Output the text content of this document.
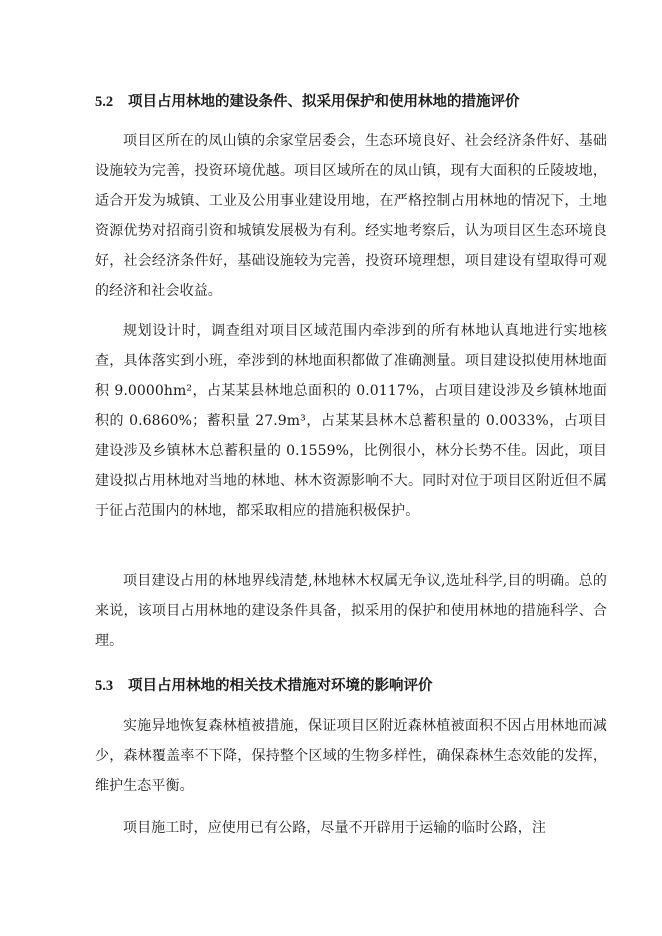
5.2 项目占用林地的建设条件、拟采用保护和使用林地的措施评价

项目区所在的凤山镇的余家堂居委会，生态环境良好、社会经济条件好、基础设施较为完善，投资环境优越。项目区域所在的凤山镇，现有大面积的丘陵坡地，适合开发为城镇、工业及公用事业建设用地，在严格控制占用林地的情况下，土地资源优势对招商引资和城镇发展极为有利。经实地考察后，认为项目区生态环境良好，社会经济条件好，基础设施较为完善，投资环境理想，项目建设有望取得可观的经济和社会收益。

规划设计时，调查组对项目区域范围内牵涉到的所有林地认真地进行实地核查，具体落实到小班，牵涉到的林地面积都做了准确测量。项目建设拟使用林地面积 9.0000hm²，占某某县林地总面积的 0.0117%，占项目建设涉及乡镇林地面积的 0.6860%；蓄积量 27.9m³，占某某县林木总蓄积量的 0.0033%，占项目建设涉及乡镇林木总蓄积量的 0.1559%，比例很小，林分长势不佳。因此，项目建设拟占用林地对当地的林地、林木资源影响不大。同时对位于项目区附近但不属于征占范围内的林地，都采取相应的措施积极保护。

项目建设占用的林地界线清楚,林地林木权属无争议,选址科学,目的明确。总的来说，该项目占用林地的建设条件具备，拟采用的保护和使用林地的措施科学、合理。

5.3 项目占用林地的相关技术措施对环境的影响评价

实施异地恢复森林植被措施，保证项目区附近森林植被面积不因占用林地而减少，森林覆盖率不下降，保持整个区域的生物多样性，确保森林生态效能的发挥，维护生态平衡。

项目施工时，应使用已有公路，尽量不开辟用于运输的临时公路，注
